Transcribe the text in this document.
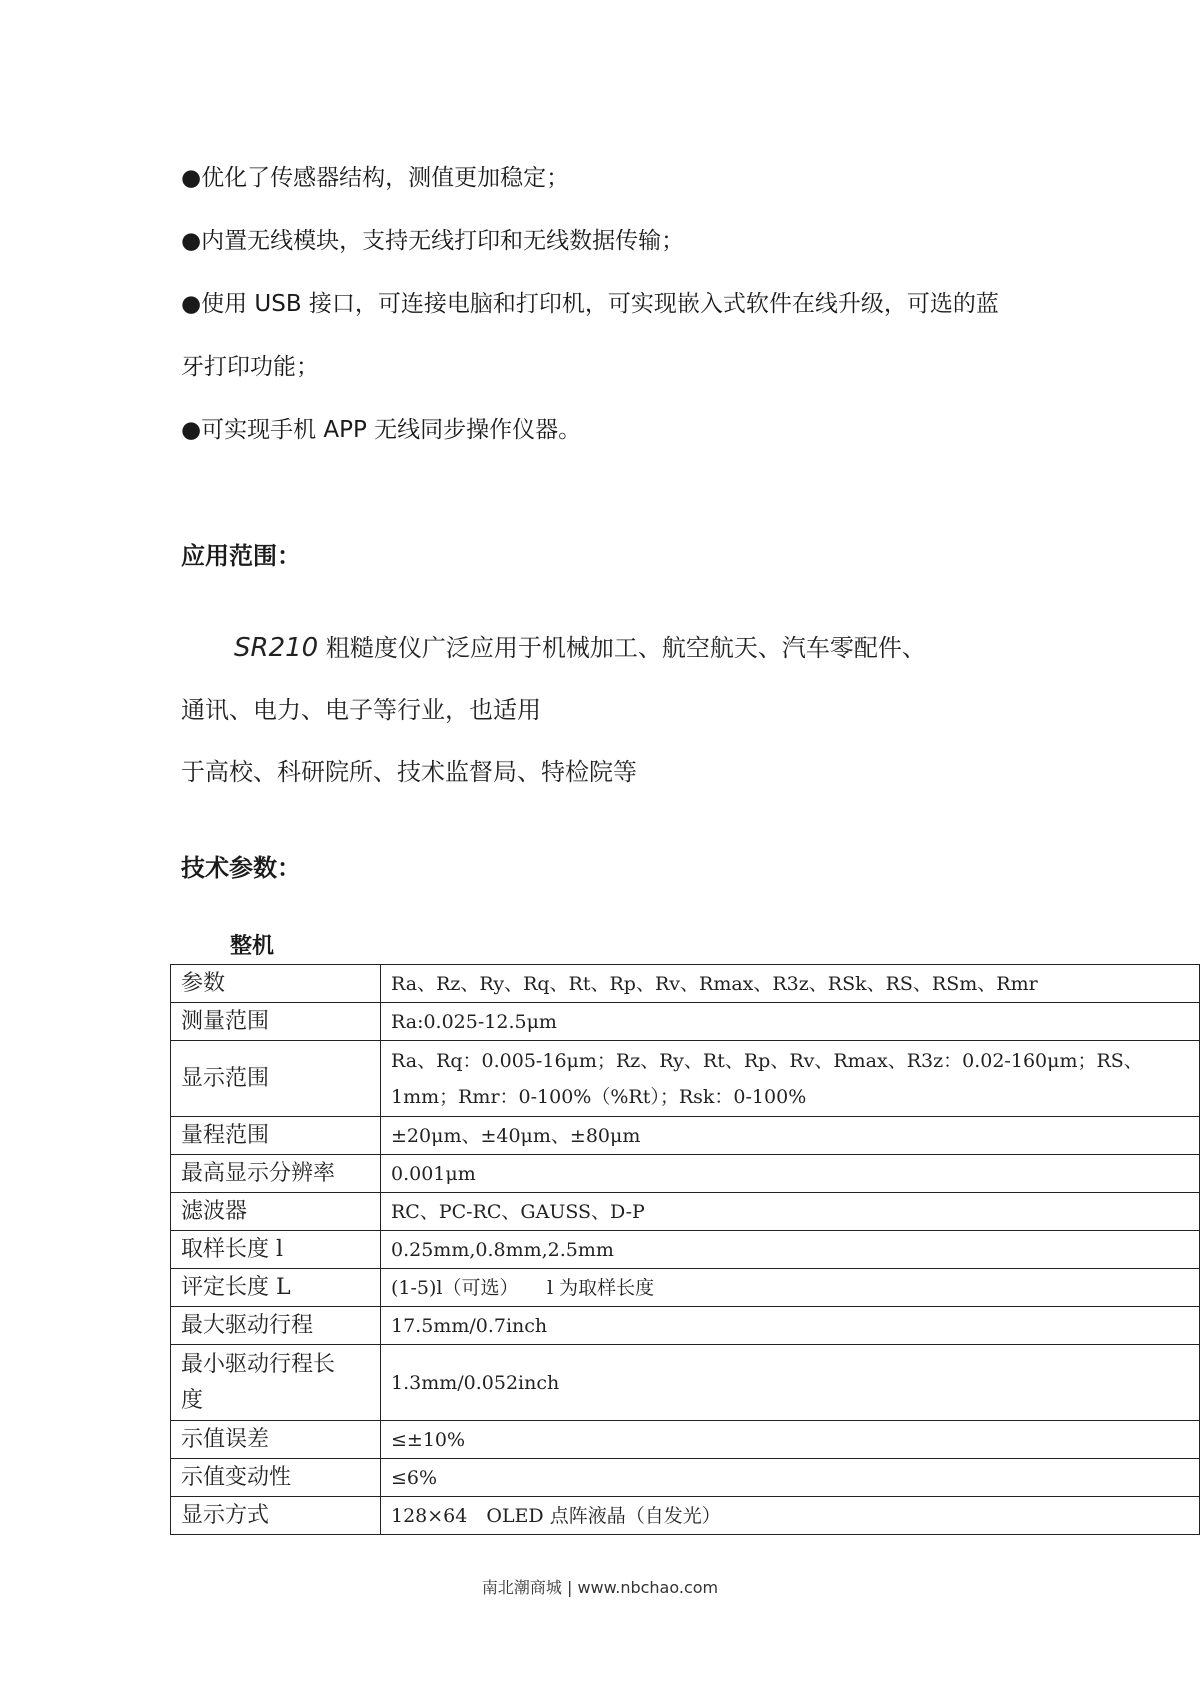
●优化了传感器结构，测值更加稳定；
●内置无线模块，支持无线打印和无线数据传输；
●使用 USB 接口，可连接电脑和打印机，可实现嵌入式软件在线升级，可选的蓝
牙打印功能；
●可实现手机 APP 无线同步操作仪器。
应用范围：
SR210 粗糙度仪广泛应用于机械加工、航空航天、汽车零配件、
通讯、电力、电子等行业，也适用
于高校、科研院所、技术监督局、特检院等
技术参数：
整机
参数	Ra、Rz、Ry、Rq、Rt、Rp、Rv、Rmax、R3z、RSk、RS、RSm、Rmr
测量范围	Ra:0.025-12.5μm
显示范围	Ra、Rq：0.005-16μm；Rz、Ry、Rt、Rp、Rv、Rmax、R3z：0.02-160μm；RS、
1mm；Rmr：0-100%（%Rt）；Rsk：0-100%

量程范围	±20μm、±40μm、±80μm
最高显示分辨率	0.001μm
滤波器	RC、PC-RC、GAUSS、D-P
取样长度 l	0.25mm,0.8mm,2.5mm
评定长度 L	(1-5)l（可选）　　l 为取样长度
最大驱动行程	17.5mm/0.7inch

最小驱动行程长
度	1.3mm/0.052inch
示值误差	≤±10%
示值变动性	≤6%
显示方式	128×64　OLED 点阵液晶（自发光）
南北潮商城 | www.nbchao.com
